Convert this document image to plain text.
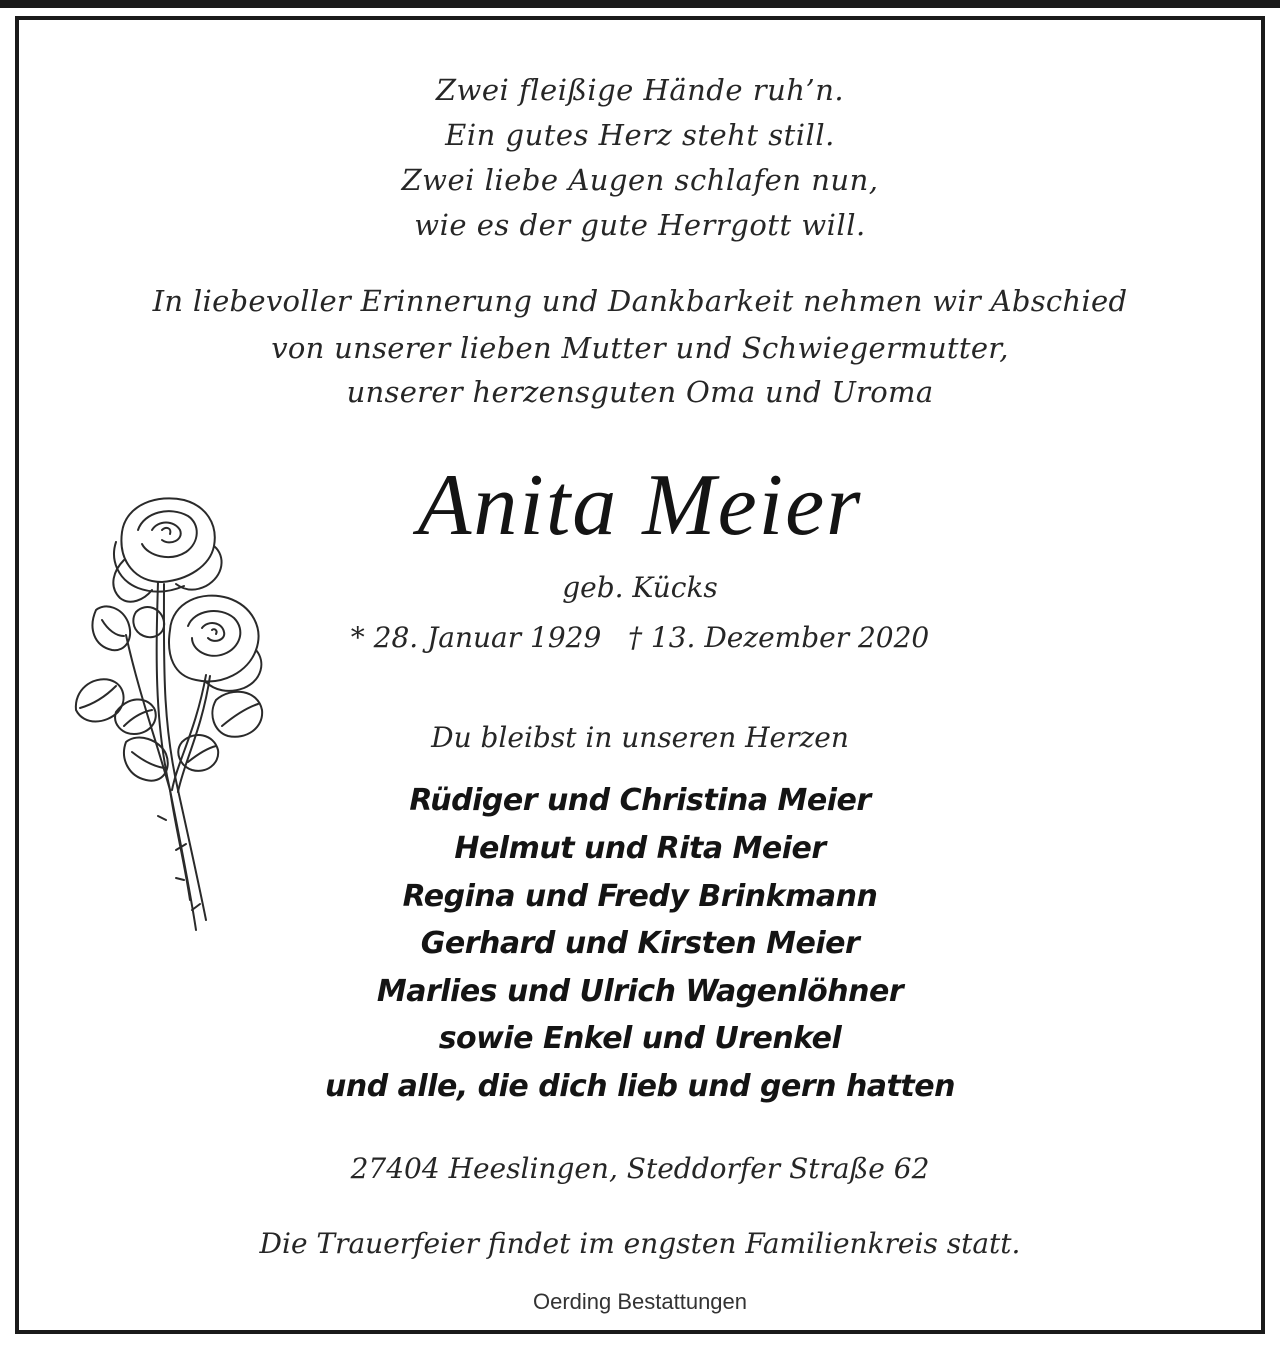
Zwei fleißige Hände ruh’n.
Ein gutes Herz steht still.
Zwei liebe Augen schlafen nun,
wie es der gute Herrgott will.
In liebevoller Erinnerung und Dankbarkeit nehmen wir Abschied
von unserer lieben Mutter und Schwiegermutter,
unserer herzensguten Oma und Uroma
Anita Meier
geb. Kücks
* 28. Januar 1929   † 13. Dezember 2020
Du bleibst in unseren Herzen
Rüdiger und Christina Meier
Helmut und Rita Meier
Regina und Fredy Brinkmann
Gerhard und Kirsten Meier
Marlies und Ulrich Wagenlöhner
sowie Enkel und Urenkel
und alle, die dich lieb und gern hatten
27404 Heeslingen, Steddorfer Straße 62
Die Trauerfeier findet im engsten Familienkreis statt.
Oerding Bestattungen
